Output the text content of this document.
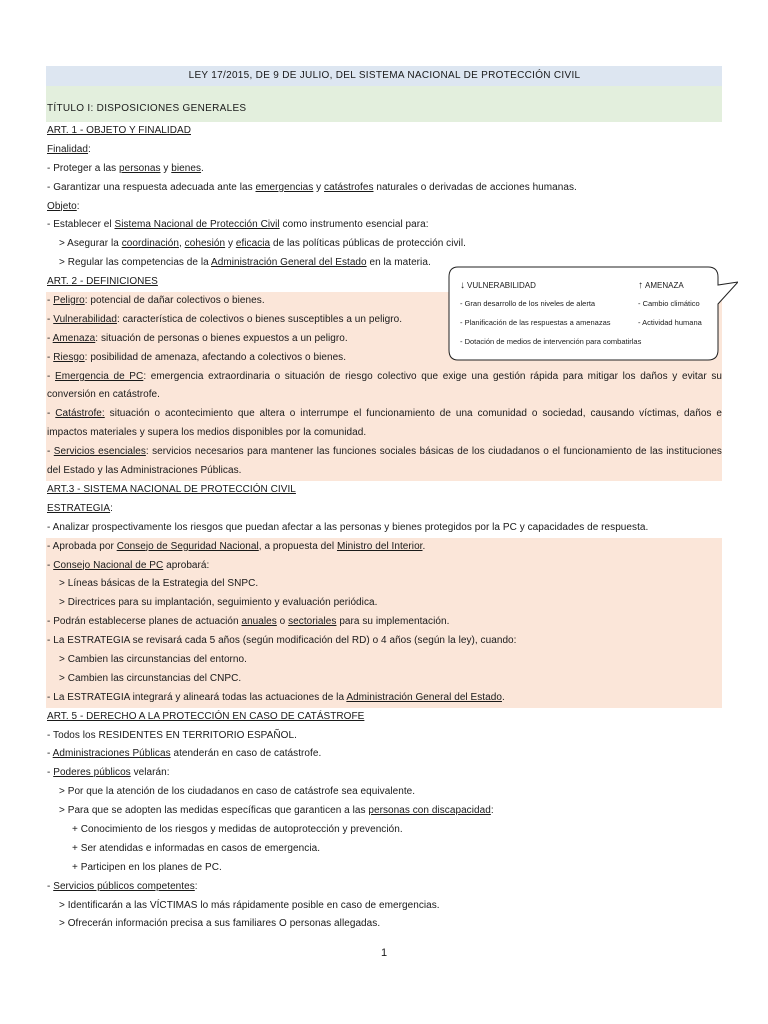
LEY 17/2015, DE 9 DE JULIO, DEL SISTEMA NACIONAL DE PROTECCIÓN CIVIL
TÍTULO I: DISPOSICIONES GENERALES
ART. 1 - OBJETO Y FINALIDAD
Finalidad:
- Proteger a las personas y bienes.
- Garantizar una respuesta adecuada ante las emergencias y catástrofes naturales o derivadas de acciones humanas.
Objeto:
- Establecer el Sistema Nacional de Protección Civil como instrumento esencial para:
> Asegurar la coordinación, cohesión y eficacia de las políticas públicas de protección civil.
> Regular las competencias de la Administración General del Estado en la materia.
ART. 2 - DEFINICIONES
- Peligro: potencial de dañar colectivos o bienes.
- Vulnerabilidad: característica de colectivos o bienes susceptibles a un peligro.
- Amenaza: situación de personas o bienes expuestos a un peligro.
- Riesgo: posibilidad de amenaza, afectando a colectivos o bienes.
- Emergencia de PC: emergencia extraordinaria o situación de riesgo colectivo que exige una gestión rápida para mitigar los daños y evitar su conversión en catástrofe.
- Catástrofe: situación o acontecimiento que altera o interrumpe el funcionamiento de una comunidad o sociedad, causando víctimas, daños e impactos materiales y supera los medios disponibles por la comunidad.
- Servicios esenciales: servicios necesarios para mantener las funciones sociales básicas de los ciudadanos o el funcionamiento de las instituciones del Estado y las Administraciones Públicas.
ART.3 - SISTEMA NACIONAL DE PROTECCIÓN CIVIL
ESTRATEGIA:
- Analizar prospectivamente los riesgos que puedan afectar a las personas y bienes protegidos por la PC y capacidades de respuesta.
- Aprobada por Consejo de Seguridad Nacional, a propuesta del Ministro del Interior.
- Consejo Nacional de PC aprobará:
> Líneas básicas de la Estrategia del SNPC.
> Directrices para su implantación, seguimiento y evaluación periódica.
- Podrán establecerse planes de actuación anuales o sectoriales para su implementación.
- La ESTRATEGIA se revisará cada 5 años (según modificación del RD) o 4 años (según la ley), cuando:
> Cambien las circunstancias del entorno.
> Cambien las circunstancias del CNPC.
- La ESTRATEGIA integrará y alineará todas las actuaciones de la Administración General del Estado.
ART. 5 - DERECHO A LA PROTECCIÓN EN CASO DE CATÁSTROFE
- Todos los RESIDENTES EN TERRITORIO ESPAÑOL.
- Administraciones Públicas atenderán en caso de catástrofe.
- Poderes públicos velarán:
> Por que la atención de los ciudadanos en caso de catástrofe sea equivalente.
> Para que se adopten las medidas específicas que garanticen a las personas con discapacidad:
+ Conocimiento de los riesgos y medidas de autoprotección y prevención.
+ Ser atendidas e informadas en casos de emergencia.
+ Participen en los planes de PC.
- Servicios públicos competentes:
> Identificarán a las VÍCTIMAS lo más rápidamente posible en caso de emergencias.
> Ofrecerán información precisa a sus familiares O personas allegadas.
↓ VULNERABILIDAD	↑ AMENAZA
- Gran desarrollo de los niveles de alerta
- Planificación de las respuestas a amenazas
- Dotación de medios de intervención para combatirlas
- Cambio climático
- Actividad humana
1
